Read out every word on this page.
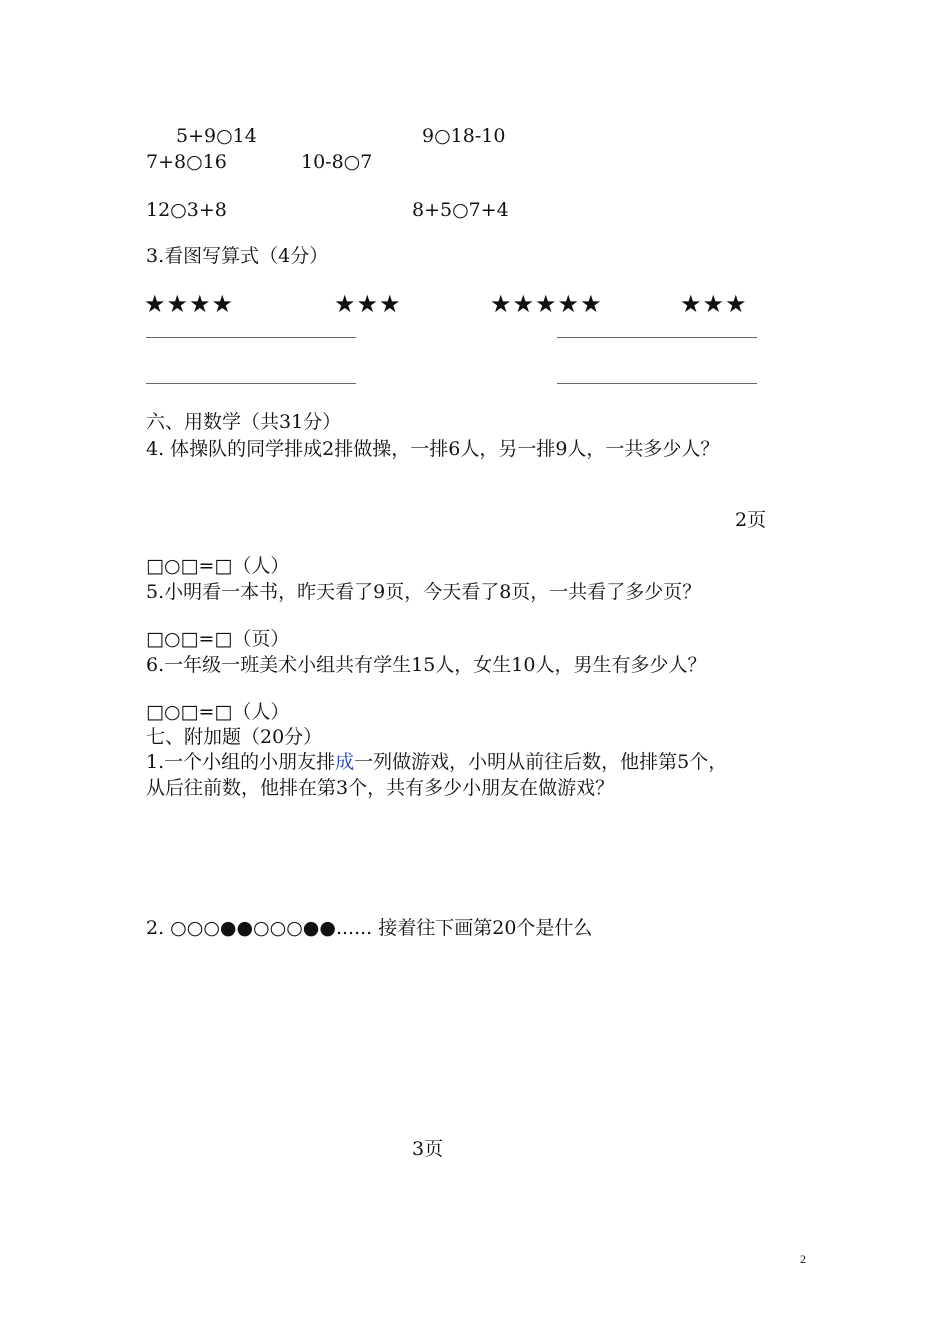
5+9○14	9○18-10
7+8○16	10-8○7
12○3+8	8+5○7+4
3.看图写算式（4分）
★★★★	★★★	★★★★★	★★★
六、用数学（共31分）
4. 体操队的同学排成2排做操，一排6人，另一排9人，一共多少人？
2页
□○□=□（人）
5.小明看一本书，昨天看了9页，今天看了8页，一共看了多少页？
□○□=□（页）
6.一年级一班美术小组共有学生15人，女生10人，男生有多少人？
□○□=□（人）
七、附加题（20分）
1.一个小组的小朋友排成一列做游戏，小明从前往后数，他排第5个，
从后往前数，他排在第3个，共有多少小朋友在做游戏？
2. ○○○●●○○○●●...... 接着往下画第20个是什么
3页
2
